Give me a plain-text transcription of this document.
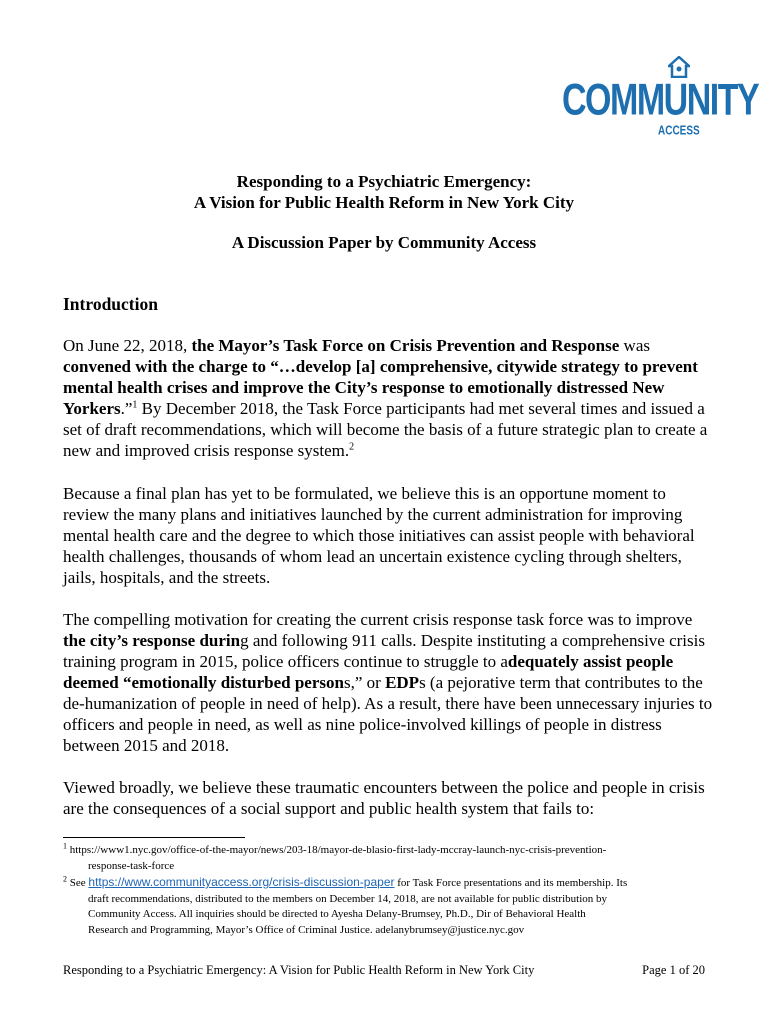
COMMUNITY
ACCESS
Responding to a Psychiatric Emergency:
A Vision for Public Health Reform in New York City
A Discussion Paper by Community Access
Introduction
On June 22, 2018, the Mayor’s Task Force on Crisis Prevention and Response was convened with the charge to “…develop [a] comprehensive, citywide strategy to prevent mental health crises and improve the City’s response to emotionally distressed New Yorkers.”$^1$ By December 2018, the Task Force participants had met several times and issued a set of draft recommendations, which will become the basis of a future strategic plan to create a new and improved crisis response system.$^2$
Because a final plan has yet to be formulated, we believe this is an opportune moment to review the many plans and initiatives launched by the current administration for improving mental health care and the degree to which those initiatives can assist people with behavioral health challenges, thousands of whom lead an uncertain existence cycling through shelters, jails, hospitals, and the streets.
The compelling motivation for creating the current crisis response task force was to improve the city’s response during and following 911 calls. Despite instituting a comprehensive crisis training program in 2015, police officers continue to struggle to adequately assist people deemed “emotionally disturbed persons,” or EDPs (a pejorative term that contributes to the de-humanization of people in need of help). As a result, there have been unnecessary injuries to officers and people in need, as well as nine police-involved killings of people in distress between 2015 and 2018.
Viewed broadly, we believe these traumatic encounters between the police and people in crisis are the consequences of a social support and public health system that fails to:
$^1$ https://www1.nyc.gov/office-of-the-mayor/news/203-18/mayor-de-blasio-first-lady-mccray-launch-nyc-crisis-prevention-
response-task-force
$^2$ See https://www.communityaccess.org/crisis-discussion-paper for Task Force presentations and its membership. Its
draft recommendations, distributed to the members on December 14, 2018, are not available for public distribution by
Community Access. All inquiries should be directed to Ayesha Delany-Brumsey, Ph.D., Dir of Behavioral Health
Research and Programming, Mayor’s Office of Criminal Justice. adelanybrumsey@justice.nyc.gov
Responding to a Psychiatric Emergency: A Vision for Public Health Reform in New York City	Page 1 of 20
